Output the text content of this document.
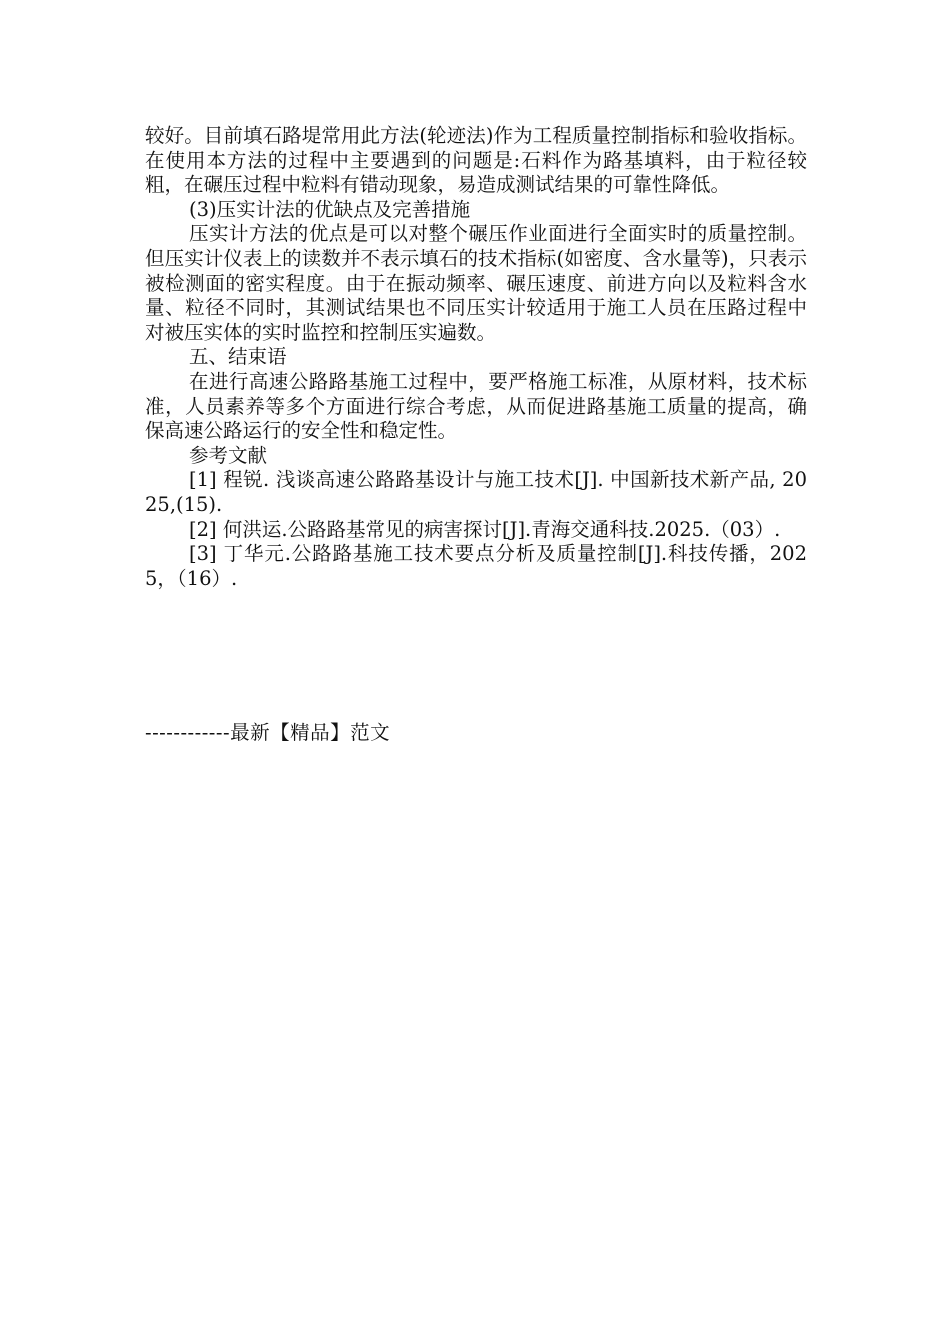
较好。目前填石路堤常用此方法(轮迹法)作为工程质量控制指标和验收指标。在使用本方法的过程中主要遇到的问题是:石料作为路基填料，由于粒径较粗，在碾压过程中粒料有错动现象，易造成测试结果的可靠性降低。

(3)压实计法的优缺点及完善措施

压实计方法的优点是可以对整个碾压作业面进行全面实时的质量控制。但压实计仪表上的读数并不表示填石的技术指标(如密度、含水量等)，只表示被检测面的密实程度。由于在振动频率、碾压速度、前进方向以及粒料含水量、粒径不同时，其测试结果也不同压实计较适用于施工人员在压路过程中对被压实体的实时监控和控制压实遍数。

五、结束语

在进行高速公路路基施工过程中，要严格施工标准，从原材料，技术标准，人员素养等多个方面进行综合考虑，从而促进路基施工质量的提高，确保高速公路运行的安全性和稳定性。

参考文献

[1] 程锐. 浅谈高速公路路基设计与施工技术[J]. 中国新技术新产品, 2025,(15).

[2] 何洪运.公路路基常见的病害探讨[J].青海交通科技.2025.（03）.

[3] 丁华元.公路路基施工技术要点分析及质量控制[J].科技传播，2025，（16）.

------------最新【精品】范文
